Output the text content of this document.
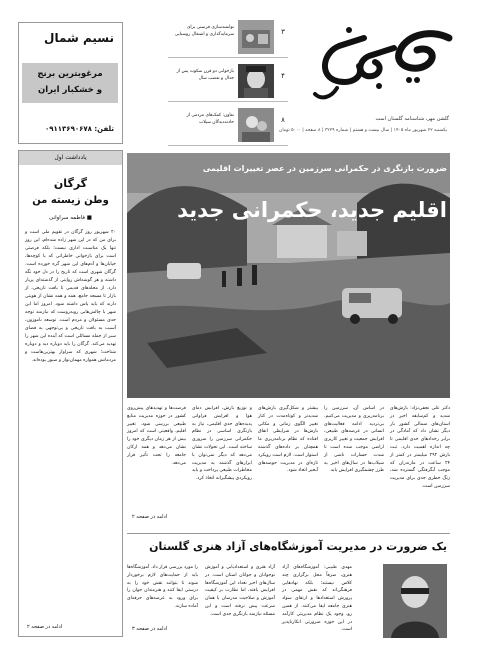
گلشن مهر، شناسنامه گلستان است
یکشنبه ۲۲ شهریور ماه ۱۴۰۵ | سال بیست و هشتم | شماره ۳۲۲۹ | ۸ صفحه | ۵۰۰۰ تومان
۳
توانمندسازی فرصتی برای سرمایه‌گذاری و اشتغال روستایی
۴
بازخوانی دو قرن سکوت پس از جدال و تعصب سال
۸
تعاون: کمک‌های مردمی از حادثه‌دیدگان سیلاب
نسیم شمال
مرغوبترین برنج
و خشکبار ایران
تلفن: ۰۹۱۱۳۶۹۰۶۷۸
یادداشت اول
گرگان
وطن زیسته من
■ فاطمه سراوانی
۲۰ شهریور روز گرگان در تقویم ملی است و برای من که در این شهر زاده شده‌ام، این روز تنها یک مناسبت اداری نیست؛ بلکه فرصتی است برای بازخوانی خاطراتی که با کوچه‌ها، خیابان‌ها و آدم‌های این شهر گره خورده است. گرگان شهری است که تاریخ را در دل خود نگه داشته و هر گوشه‌اش روایتی از گذشته‌ای پربار دارد. از محله‌های قدیمی تا بافت تاریخی، از بازار تا مسجد جامع، همه و همه نشان از هویتی دارند که باید پاس داشته شود. امروز اما این شهر با چالش‌هایی روبه‌روست که نیازمند توجه جدی مسئولان و مردم است. توسعه ناموزون، آسیب به بافت تاریخی و بی‌توجهی به فضای سبز از جمله مسائلی است که آینده این شهر را تهدید می‌کند. گرگان را باید دوباره دید و دوباره شناخت؛ شهری که سزاوار بهترین‌هاست و مردمانش همواره مهمان‌نواز و صبور بوده‌اند.
ادامه در صفحه ۲
ضرورت بازنگری در حکمرانی سرزمین در عصر تغییرات اقلیمی
اقلیم جدید، حکمرانی جدید
دکتر علی نجفی‌نژاد: بارش‌های شدید و کم‌سابقه اخیر در استان‌های شمالی کشور بار دیگر نشان داد که آمادگی در برابر رخدادهای حدی اقلیمی تا چه اندازه اهمیت دارد. ثبت بارش ۲۹۲ میلیمتر در کمتر از ۲۴ ساعت در مازندران که موجب آبگرفتگی گسترده شد، زنگ خطری جدی برای مدیریت سرزمین است.
در اساس آن، سرزمین را برنامه‌ریزی و مدیریت می‌کنیم. بی‌تردید ادامه فعالیت‌های انسانی در عرصه‌های طبیعی، افزایش جمعیت و تغییر کاربری اراضی موجب شده است تا شدت خسارات ناشی از سیلاب‌ها در سال‌های اخیر به طرز چشمگیری افزایش یابد.
بیشتر و شکل‌گیری بارش‌های شدیدتر و کوتاه‌مدت در کنار تغییر الگوی زمانی و مکانی بارش‌ها در شرایطی اتفاق افتاده که نظام برنامه‌ریزی ما همچنان بر داده‌های گذشته استوار است. لازم است رویکرد تازه‌ای در مدیریت حوضه‌های آبخیز اتخاذ شود.
و توزیع بارش، افزایش دمای هوا و افزایش فراوانی پدیده‌های حدی اقلیمی، نیاز به بازنگری اساسی در نظام حکمرانی سرزمین را ضروری ساخته است. این تحولات نشان می‌دهد که دیگر نمی‌توان با ابزارهای گذشته به مدیریت مخاطرات طبیعی پرداخت و باید رویکردی پیشگیرانه اتخاذ کرد.
فرصت‌ها و تهدیدهای پیش‌روی کشور در حوزه مدیریت منابع طبیعی بررسی شود. تغییر اقلیم، واقعیتی است که امروز بیش از هر زمان دیگری خود را نشان می‌دهد و همه ارکان جامعه را تحت تأثیر قرار می‌دهد.
ادامه در صفحه ۲
یک ضرورت در مدیریت آموزشگاه‌های آزاد هنری گلستان
مهدی طبیبی: آموزشگاه‌های آزاد هنری، صرفاً محل برگزاری چند کلاس نیستند؛ بلکه نهادهایی فرهنگی‌اند که نقش مهمی در پرورش استعدادها و ارتقای سواد هنری جامعه ایفا می‌کنند. از همین رو، وجود یک نظام مدیریتی کارآمد در این حوزه ضرورتی انکارناپذیر است.
آزاد هنری و استعدادیابی و آموزش نوجوانان و جوانان استان است. در سال‌های اخیر تعداد این آموزشگاه‌ها افزایش یافته، اما نظارت بر کیفیت آموزش و صلاحیت مدرسان با همان سرعت پیش نرفته است و این مسئله نیازمند بازنگری جدی است.
را مورد بررسی قرار داد. آموزشگاه‌ها باید از حمایت‌های لازم برخوردار شوند تا بتوانند نقش خود را به درستی ایفا کنند و هنرمندان جوان را برای ورود به عرصه‌های حرفه‌ای آماده سازند.
ادامه در صفحه ۳
